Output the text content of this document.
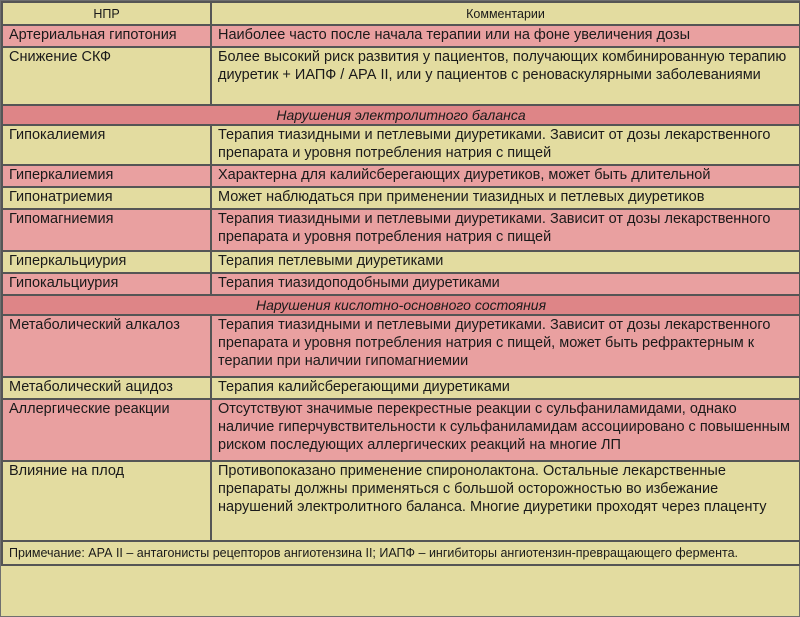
НПР	Комментарии
Артериальная гипотония	Наиболее часто после начала терапии или на фоне увеличения дозы
Снижение СКФ	Более высокий риск развития у пациентов, получающих комбинированную терапию диуретик + ИАПФ / АРА II, или у пациентов с реноваскулярными заболеваниями
Нарушения электролитного баланса	
Гипокалиемия	Терапия тиазидными и петлевыми диуретиками. Зависит от дозы лекарственного препарата и уровня потребления натрия с пищей
Гиперкалиемия	Характерна для калийсберегающих диуретиков, может быть длительной
Гипонатриемия	Может наблюдаться при применении тиазидных и петлевых диуретиков
Гипомагниемия	Терапия тиазидными и петлевыми диуретиками. Зависит от дозы лекарственного препарата и уровня потребления натрия с пищей
Гиперкальциурия	Терапия петлевыми диуретиками
Гипокальциурия	Терапия тиазидоподобными диуретиками
Нарушения кислотно-основного состояния	
Метаболический алкалоз	Терапия тиазидными и петлевыми диуретиками. Зависит от дозы лекарственного препарата и уровня потребления натрия с пищей, может быть рефрактерным к терапии при наличии гипомагниемии
Метаболический ацидоз	Терапия калийсберегающими диуретиками
Аллергические реакции	Отсутствуют значимые перекрестные реакции с сульфаниламидами, однако наличие гиперчувствительности к сульфаниламидам ассоциировано с повышенным риском последующих аллергических реакций на многие ЛП
Влияние на плод	Противопоказано применение спиронолактона. Остальные лекарственные препараты должны применяться с большой осторожностью во избежание нарушений электролитного баланса. Многие диуретики проходят через плаценту
Примечание: АРА II – антагонисты рецепторов ангиотензина II; ИАПФ – ингибиторы ангиотензин-превращающего фермента.	
